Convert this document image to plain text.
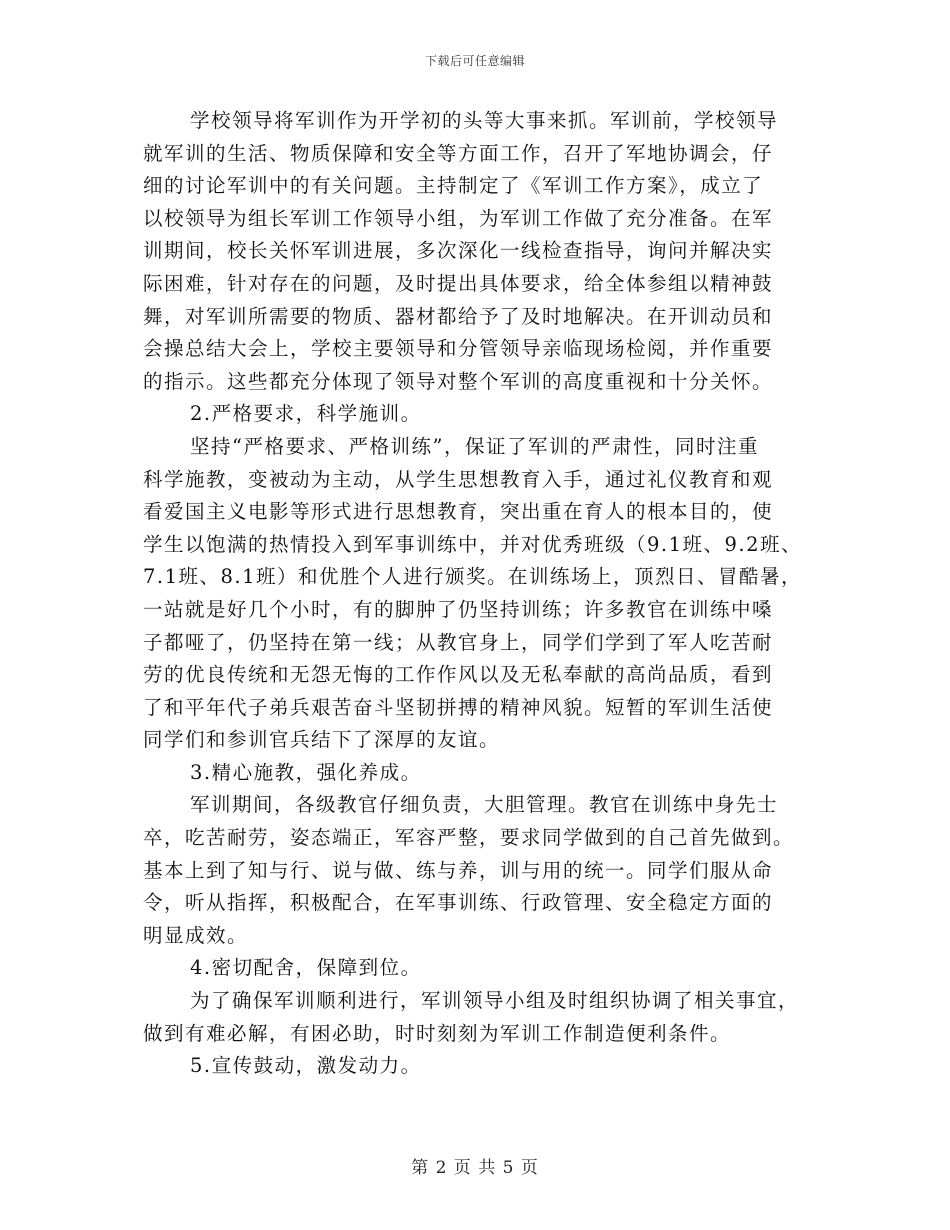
下载后可任意编辑

学校领导将军训作为开学初的头等大事来抓。军训前，学校领导
就军训的生活、物质保障和安全等方面工作，召开了军地协调会，仔
细的讨论军训中的有关问题。主持制定了《军训工作方案》，成立了
以校领导为组长军训工作领导小组，为军训工作做了充分准备。在军
训期间，校长关怀军训进展，多次深化一线检查指导，询问并解决实
际困难，针对存在的问题，及时提出具体要求，给全体参组以精神鼓
舞，对军训所需要的物质、器材都给予了及时地解决。在开训动员和
会操总结大会上，学校主要领导和分管领导亲临现场检阅，并作重要
的指示。这些都充分体现了领导对整个军训的高度重视和十分关怀。

2.严格要求，科学施训。

坚持“严格要求、严格训练”，保证了军训的严肃性，同时注重
科学施教，变被动为主动，从学生思想教育入手，通过礼仪教育和观
看爱国主义电影等形式进行思想教育，突出重在育人的根本目的，使
学生以饱满的热情投入到军事训练中，并对优秀班级（9.1班、9.2班、
7.1班、8.1班）和优胜个人进行颁奖。在训练场上，顶烈日、冒酷暑，
一站就是好几个小时，有的脚肿了仍坚持训练；许多教官在训练中嗓
子都哑了，仍坚持在第一线；从教官身上，同学们学到了军人吃苦耐
劳的优良传统和无怨无悔的工作作风以及无私奉献的高尚品质，看到
了和平年代子弟兵艰苦奋斗坚韧拼搏的精神风貌。短暂的军训生活使
同学们和参训官兵结下了深厚的友谊。

3.精心施教，强化养成。

军训期间，各级教官仔细负责，大胆管理。教官在训练中身先士
卒，吃苦耐劳，姿态端正，军容严整，要求同学做到的自己首先做到。
基本上到了知与行、说与做、练与养，训与用的统一。同学们服从命
令，听从指挥，积极配合，在军事训练、行政管理、安全稳定方面的
明显成效。

4.密切配舍，保障到位。

为了确保军训顺利进行，军训领导小组及时组织协调了相关事宜，
做到有难必解，有困必助，时时刻刻为军训工作制造便利条件。

5.宣传鼓动，激发动力。

第 2 页 共 5 页
